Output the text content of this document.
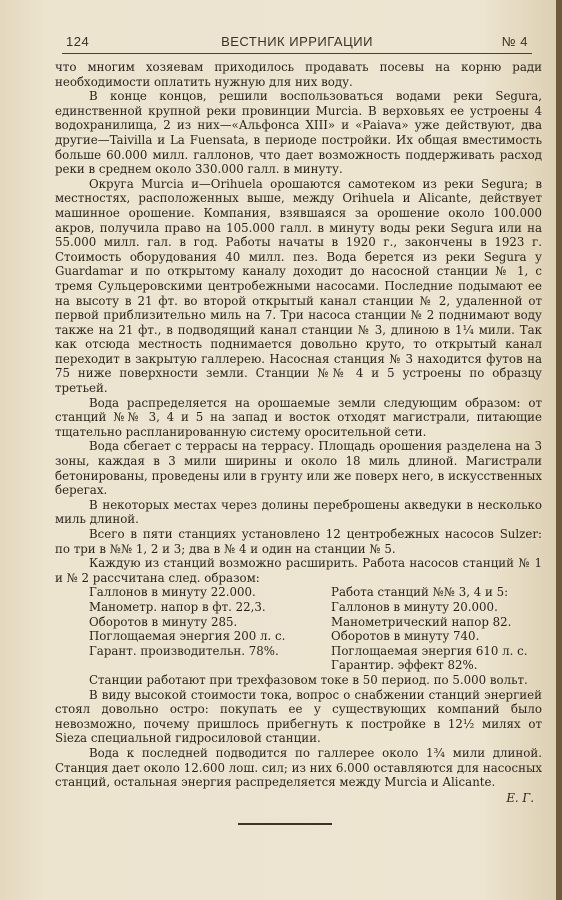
124	ВЕСТНИК ИРРИГАЦИИ	№ 4

что многим хозяевам приходилось продавать посевы на корню ради необходимости оплатить нужную для них воду.

В конце концов, решили воспользоваться водами реки Segura, единственной крупной реки провинции Murcia. В верховьях ее устроены 4 водохранилища, 2 из них—«Альфонса XIII» и «Paiava» уже действуют, два другие—Taivilla и La Fuensata, в периоде постройки. Их общая вместимость больше 60.000 милл. галлонов, что дает возможность поддерживать расход реки в среднем около 330.000 галл. в минуту.

Округа Murcia и—Orihuela орошаются самотеком из реки Segura; в местностях, расположенных выше, между Orihuela и Alicante, действует машинное орошение. Компания, взявшаяся за орошение около 100.000 акров, получила право на 105.000 галл. в минуту воды реки Segura или на 55.000 милл. гал. в год. Работы начаты в 1920 г., закончены в 1923 г. Стоимость оборудования 40 милл. пез. Вода берется из реки Segura у Guardamar и по открытому каналу доходит до насосной станции № 1, с тремя Сульцеровскими центробежными насосами. Последние подымают ее на высоту в 21 фт. во второй открытый канал станции № 2, удаленной от первой приблизительно миль на 7. Три насоса станции № 2 поднимают воду также на 21 фт., в подводящий канал станции № 3, длиною в 1¼ мили. Так как отсюда местность поднимается довольно круто, то открытый канал переходит в закрытую галлерею. Насосная станция № 3 находится футов на 75 ниже поверхности земли. Станции №№ 4 и 5 устроены по образцу третьей.

Вода распределяется на орошаемые земли следующим образом: от станций №№ 3, 4 и 5 на запад и восток отходят магистрали, питающие тщательно распланированную систему оросительной сети.

Вода сбегает с террасы на террасу. Площадь орошения разделена на 3 зоны, каждая в 3 мили ширины и около 18 миль длиной. Магистрали бетонированы, проведены или в грунту или же поверх него, в искусственных берегах.

В некоторых местах через долины переброшены акведуки в несколько миль длиной.

Всего в пяти станциях установлено 12 центробежных насосов Sulzer: по три в №№ 1, 2 и 3; два в № 4 и один на станции № 5.

Каждую из станций возможно расширить. Работа насосов станций № 1 и № 2 рассчитана след. образом:

Галлонов в минуту 22.000.
Манометр. напор в фт. 22,3.
Оборотов в минуту 285.
Поглощаемая энергия 200 л. с.
Гарант. производительн. 78%.
Работа станций №№ 3, 4 и 5:
Галлонов в минуту 20.000.
Манометрический напор 82.
Оборотов в минуту 740.
Поглощаемая энергия 610 л. с.
Гарантир. эффект 82%.

Станции работают при трехфазовом токе в 50 период. по 5.000 вольт.

В виду высокой стоимости тока, вопрос о снабжении станций энергией стоял довольно остро: покупать ее у существующих компаний было невозможно, почему пришлось прибегнуть к постройке в 12½ милях от Sieza специальной гидросиловой станции.

Вода к последней подводится по галлерее около 1¾ мили длиной. Станция дает около 12.600 лош. сил; из них 6.000 оставляются для насосных станций, остальная энергия распределяется между Murcia и Alicante.

Е. Г.
